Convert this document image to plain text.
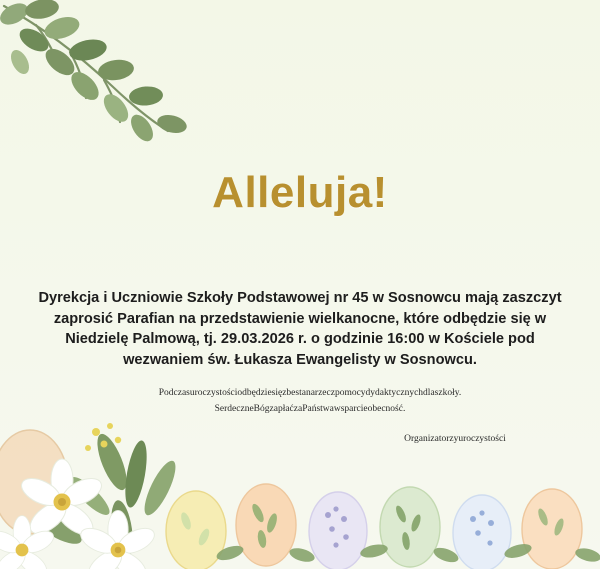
Alleluja!
Dyrekcja i Uczniowie Szkoły Podstawowej nr 45 w Sosnowcu mają zaszczyt zaprosić Parafian na przedstawienie wielkanocne, które odbędzie się w Niedzielę Palmową, tj. 29.03.2026 r. o godzinie 16:00 w Kościele pod wezwaniem św. Łukasza Ewangelisty w Sosnowcu.
Podczasuroczystościodbędziesięzbestanarzeczpomocydydaktycznychdlaszkoły.
SerdeczneBógzapłaćzaPaństwawsparcieobecność.
Organizatorzyuroczystości
